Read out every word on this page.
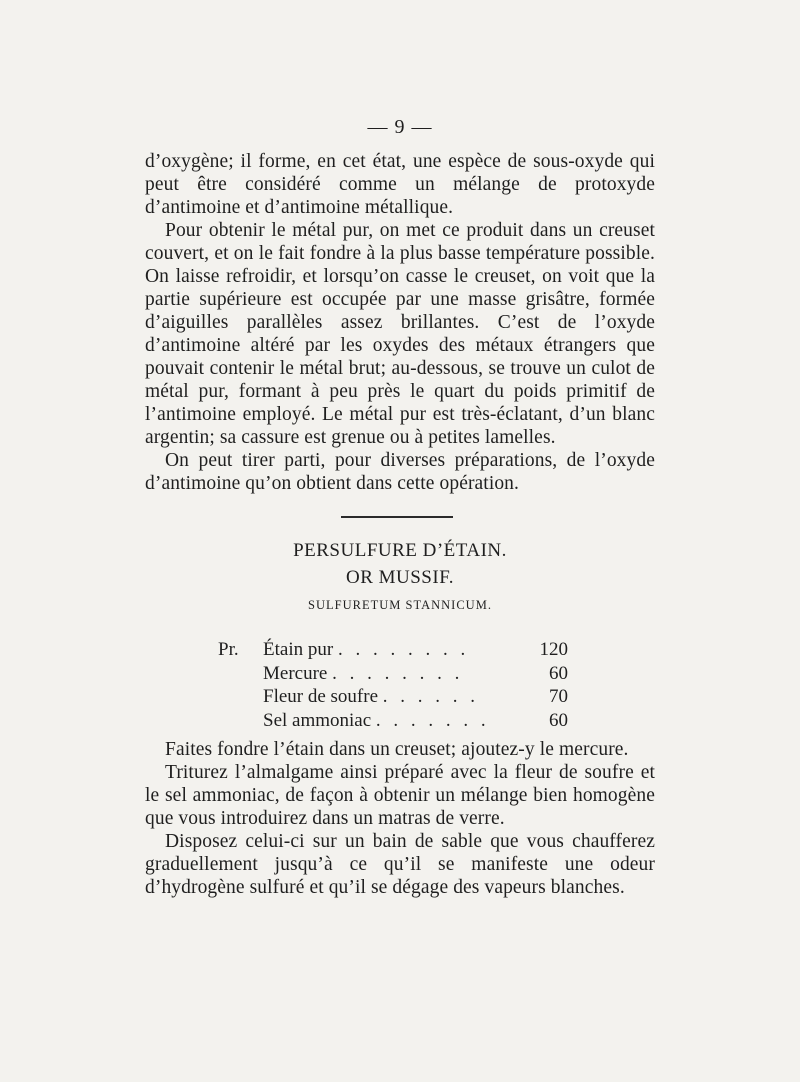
— 9 —

d’oxygène; il forme, en cet état, une espèce de sous-oxyde qui peut être considéré comme un mélange de protoxyde d’antimoine et d’antimoine métallique.

Pour obtenir le métal pur, on met ce produit dans un creuset couvert, et on le fait fondre à la plus basse température possible. On laisse refroidir, et lorsqu’on casse le creuset, on voit que la partie supérieure est occupée par une masse grisâtre, formée d’aiguilles parallèles assez brillantes. C’est de l’oxyde d’antimoine altéré par les oxydes des métaux étrangers que pouvait contenir le métal brut; au-dessous, se trouve un culot de métal pur, formant à peu près le quart du poids primitif de l’antimoine employé. Le métal pur est très-éclatant, d’un blanc argentin; sa cassure est grenue ou à petites lamelles.

On peut tirer parti, pour diverses préparations, de l’oxyde d’antimoine qu’on obtient dans cette opération.

PERSULFURE D’ÉTAIN.
OR MUSSIF.
SULFURETUM STANNICUM.
Pr.	Étain pur . . . . . . . .	120
Mercure . . . . . . . .	60
Fleur de soufre . . . . . .	70
Sel ammoniac . . . . . . .	60

Faites fondre l’étain dans un creuset; ajoutez-y le mercure.

Triturez l’almalgame ainsi préparé avec la fleur de soufre et le sel ammoniac, de façon à obtenir un mélange bien homogène que vous introduirez dans un matras de verre.

Disposez celui-ci sur un bain de sable que vous chaufferez graduellement jusqu’à ce qu’il se manifeste une odeur d’hydrogène sulfuré et qu’il se dégage des vapeurs blanches.
